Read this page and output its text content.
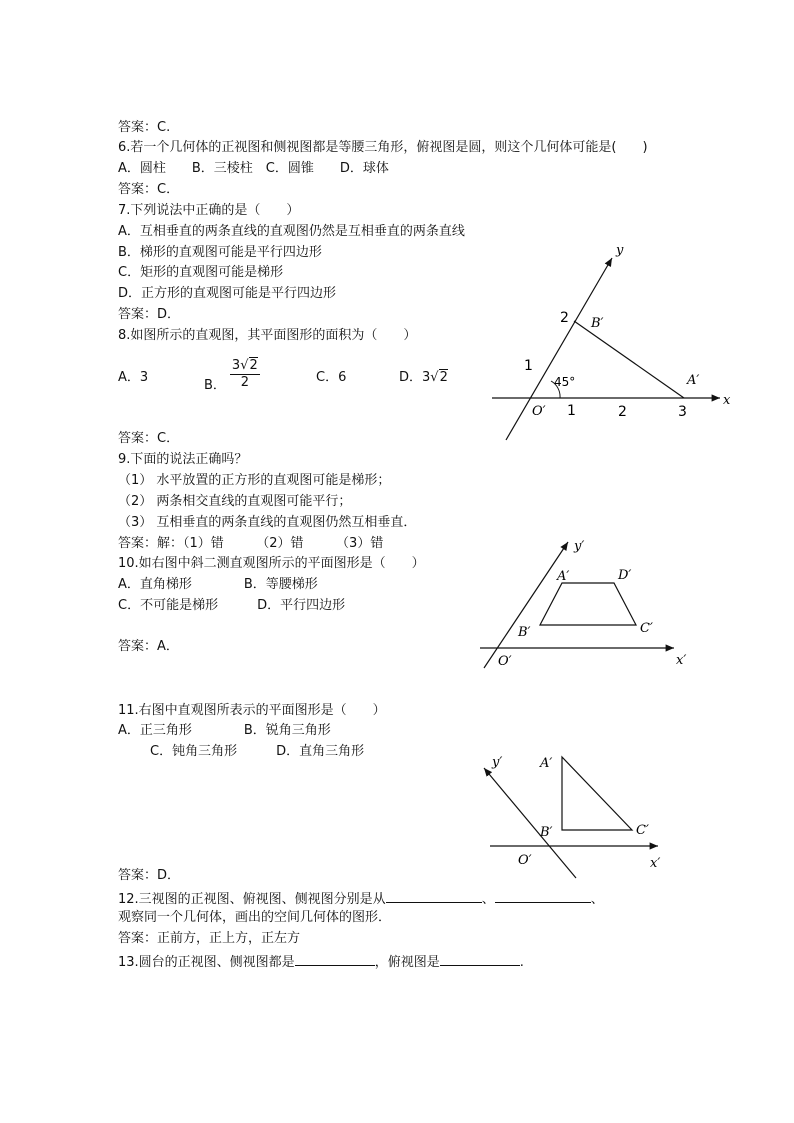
答案：C.
6.若一个几何体的正视图和侧视图都是等腰三角形，俯视图是圆，则这个几何体可能是(　　)
A．圆柱　　B．三棱柱　C．圆锥　　D．球体
答案：C．
7.下列说法中正确的是（　　）
A．互相垂直的两条直线的直观图仍然是互相垂直的两条直线
B．梯形的直观图可能是平行四边形
C．矩形的直观图可能是梯形
D．正方形的直观图可能是平行四边形
答案：D．
8.如图所示的直观图，其平面图形的面积为（　　）
A．3
B． $\frac{3√2}{2}$	C．6	D．3√2
答案：C．
9.下面的说法正确吗？
（1） 水平放置的正方形的直观图可能是梯形；
（2） 两条相交直线的直观图可能平行；
（3） 互相垂直的两条直线的直观图仍然互相垂直．
答案：解：（1）错　　　（2）错　　　（3）错
10.如右图中斜二测直观图所示的平面图形是（　　）
A．直角梯形　　　　B．等腰梯形
C．不可能是梯形　　　D．平行四边形
答案：A．
11.右图中直观图所表示的平面图形是（　　）
A．正三角形　　　　B．锐角三角形
C．钝角三角形　　　D．直角三角形
答案：D．
12.三视图的正视图、俯视图、侧视图分别是从	、	、
观察同一个几何体，画出的空间几何体的图形．
答案：正前方，正上方，正左方
13.圆台的正视图、侧视图都是	，俯视图是	.
y
x
B′
A′
O′
45°
1	2	3
1
2
y′
x′
A′	D′
B′	C′
O′
y′
x′
A′
B′	C′
O′
